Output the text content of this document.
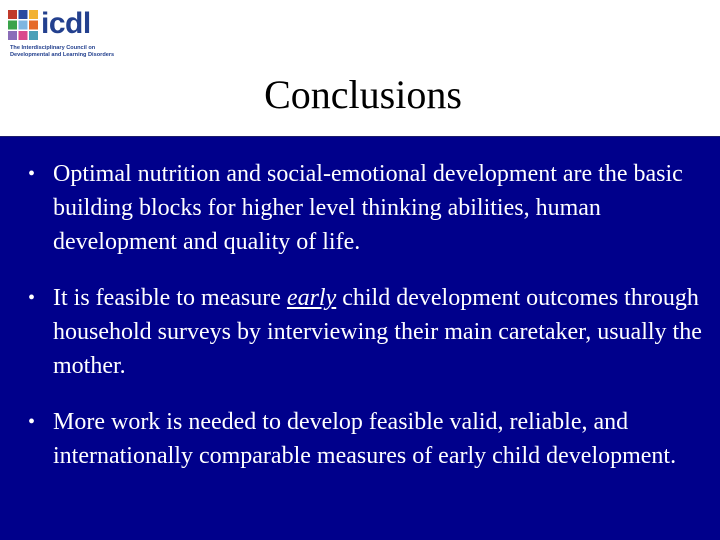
icdl
The Interdisciplinary Council on
Developmental and Learning Disorders
Conclusions
• Optimal nutrition and social-emotional development are the basic building blocks for higher level thinking abilities, human development and quality of life.
• It is feasible to measure early child development outcomes through household surveys by interviewing their main caretaker, usually the mother.
• More work is needed to develop feasible valid, reliable, and internationally comparable measures of early child development.
